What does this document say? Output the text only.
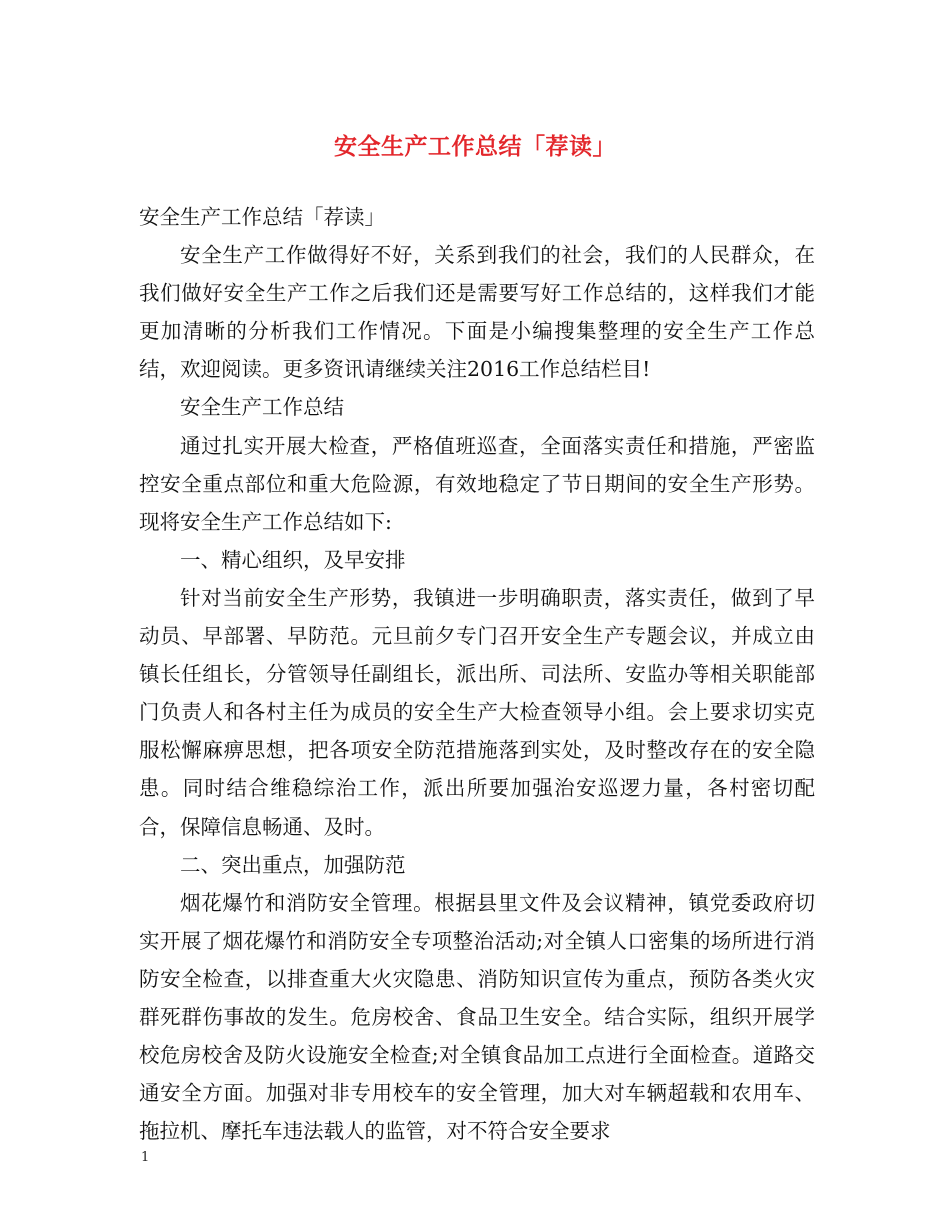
安全生产工作总结「荐读」

安全生产工作总结「荐读」

安全生产工作做得好不好，关系到我们的社会，我们的人民群众，在我们做好安全生产工作之后我们还是需要写好工作总结的，这样我们才能更加清晰的分析我们工作情况。下面是小编搜集整理的安全生产工作总结，欢迎阅读。更多资讯请继续关注2016工作总结栏目!

安全生产工作总结

通过扎实开展大检查，严格值班巡查，全面落实责任和措施，严密监控安全重点部位和重大危险源，有效地稳定了节日期间的安全生产形势。现将安全生产工作总结如下:

一、精心组织，及早安排

针对当前安全生产形势，我镇进一步明确职责，落实责任，做到了早动员、早部署、早防范。元旦前夕专门召开安全生产专题会议，并成立由镇长任组长，分管领导任副组长，派出所、司法所、安监办等相关职能部门负责人和各村主任为成员的安全生产大检查领导小组。会上要求切实克服松懈麻痹思想，把各项安全防范措施落到实处，及时整改存在的安全隐患。同时结合维稳综治工作，派出所要加强治安巡逻力量，各村密切配合，保障信息畅通、及时。

二、突出重点，加强防范

烟花爆竹和消防安全管理。根据县里文件及会议精神，镇党委政府切实开展了烟花爆竹和消防安全专项整治活动;对全镇人口密集的场所进行消防安全检查，以排查重大火灾隐患、消防知识宣传为重点，预防各类火灾群死群伤事故的发生。危房校舍、食品卫生安全。结合实际，组织开展学校危房校舍及防火设施安全检查;对全镇食品加工点进行全面检查。道路交通安全方面。加强对非专用校车的安全管理，加大对车辆超载和农用车、拖拉机、摩托车违法载人的监管，对不符合安全要求

1
